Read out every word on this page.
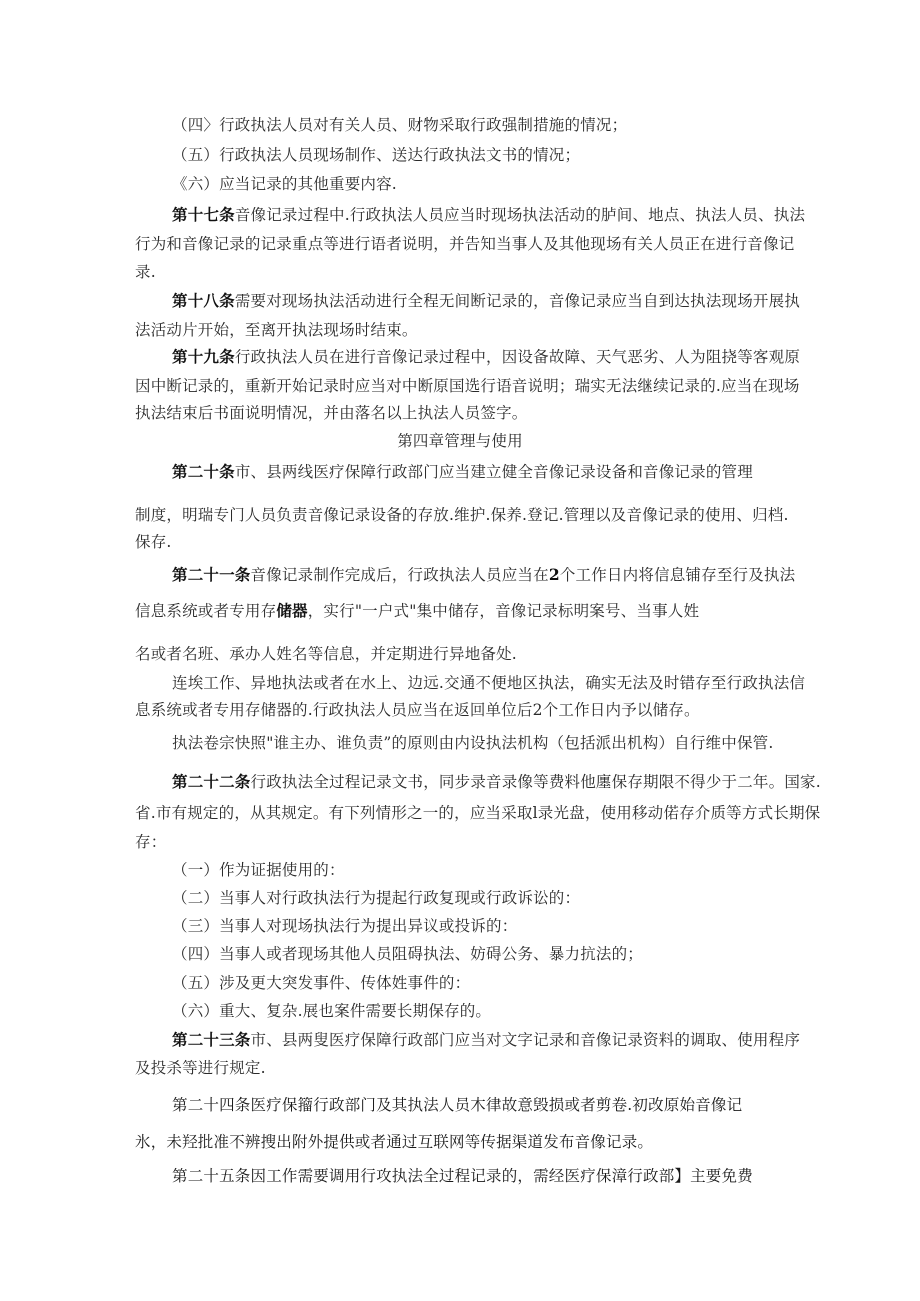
（四〉行政执法人员对有关人员、财物采取行政强制措施的情况；
（五）行政执法人员现场制作、送达行政执法文书的情况；
《六）应当记录的其他重要内容.
第十七条音像记录过程中.行政执法人员应当时现场执法活动的胪间、地点、执法人员、执法
行为和音像记录的记录重点等进行语者说明，并告知当事人及其他现场有关人员正在进行音像记
录.
第十八条需要对现场执法活动进行全程无间断记录的，音像记录应当自到达执法现场开展执
法活动片开始，至离开执法现场时结束。
第十九条行政执法人员在进行音像记录过程中，因设备故障、天气恶劣、人为阻挠等客观原
因中断记录的，重新开始记录时应当对中断原国选行语音说明；瑞实无法继续记录的.应当在现场
执法结束后书面说明情况，并由落名以上执法人员签字。
第四章管理与使用
第二十条市、县两线医疗保障行政部门应当建立健全音像记录设备和音像记录的管理
制度，明瑞专门人员负责音像记录设备的存放.维护.保养.登记.管理以及音像记录的使用、归档.
保存.
第二十一条音像记录制作完成后，行政执法人员应当在2个工作日内将信息铺存至行及执法
信息系统或者专用存储器，实行"一户式"集中储存，音像记录标明案号、当事人姓
名或者名班、承办人姓名等信息，并定期进行异地备处.
连埃工作、异地执法或者在水上、边远.交通不便地区执法，确实无法及时错存至行政执法信
息系统或者专用存储器的.行政执法人员应当在返回单位后2个工作日内予以储存。
执法卷宗快照"谁主办、谁负责”的原则由内设执法机构（包括派出机构）自行维中保管.
第二十二条行政执法全过程记录文书，同步录音录像等费料他廛保存期限不得少于二年。国家.
省.市有规定的，从其规定。有下列情形之一的，应当采取l录光盘，使用移动偌存介质等方式长期保
存：
（一）作为证据使用的：
（二）当事人对行政执法行为提起行政复现或行政诉讼的：
（三）当事人对现场执法行为提出异议或投诉的：
（四）当事人或者现场其他人员阻碍执法、妨碍公务、暴力抗法的；
（五）涉及更大突发事件、传体姓事件的：
（六）重大、复杂.展也案件需要长期保存的。
第二十三条市、县两叟医疗保障行政部门应当对文字记录和音像记录资料的调取、使用程序
及投杀等进行规定.
第二十四条医疗保籀行政部门及其执法人员木律故意毁损或者剪卷.初改原始音像记
氷，未羟批准不辨搜出附外提供或者通过互联网等传据渠道发布音像记录。
第二十五条因工作需要调用行攻执法全过程记录的，需经医疗保漳行政部】主要免费
